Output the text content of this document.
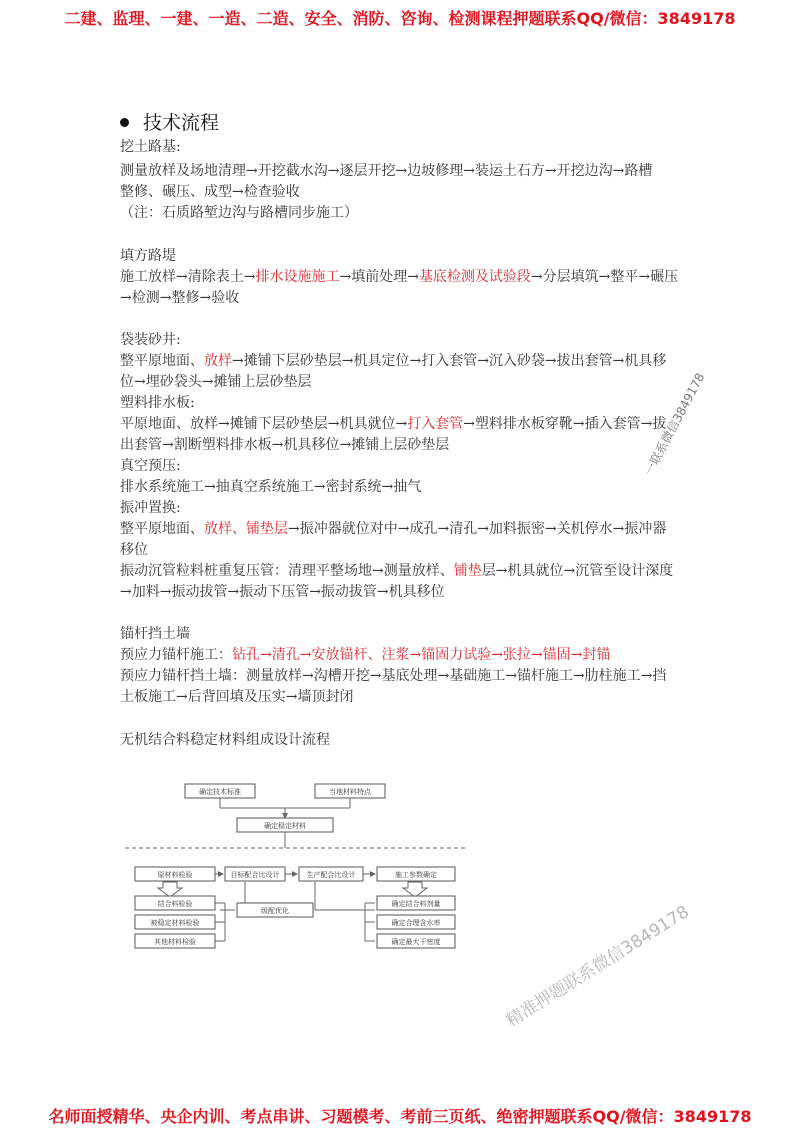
二建、监理、一建、一造、二造、安全、消防、咨询、检测课程押题联系QQ/微信：3849178
技术流程
挖土路基:
测量放样及场地清理→开挖截水沟→逐层开挖→边坡修理→装运土石方→开挖边沟→路槽
整修、碾压、成型→检查验收
（注：石质路堑边沟与路槽同步施工）
填方路堤
施工放样→清除表土→排水设施施工→填前处理→基底检测及试验段→分层填筑→整平→碾压
→检测→整修→验收
袋装砂井:
整平原地面、放样→摊铺下层砂垫层→机具定位→打入套管→沉入砂袋→拔出套管→机具移
位→埋砂袋头→摊铺上层砂垫层
塑料排水板:
平原地面、放样→摊铺下层砂垫层→机具就位→打入套管→塑料排水板穿靴→插入套管→拔
出套管→割断塑料排水板→机具移位→摊铺上层砂垫层
真空预压:
排水系统施工→抽真空系统施工→密封系统→抽气
振冲置换:
整平原地面、放样、铺垫层→振冲器就位对中→成孔→清孔→加料振密→关机停水→振冲器
移位
振动沉管粒料桩重复压管：清理平整场地→测量放样、铺垫层→机具就位→沉管至设计深度
→加料→振动拔管→振动下压管→振动拔管→机具移位
锚杆挡土墙
预应力锚杆施工：钻孔→清孔→安放锚杆、注浆→锚固力试验→张拉→锚固→封锚
预应力锚杆挡土墙：测量放样→沟槽开挖→基底处理→基础施工→锚杆施工→肋柱施工→挡
土板施工→后背回填及压实→墙顶封闭
无机结合料稳定材料组成设计流程
确定技术标准	当地材料特点
确定稳定材料
原材料检验	目标配合比设计	生产配合比设计	施工参数确定
结合料检验
被稳定材料检验
其他材料检验
级配优化
确定结合料剂量
确定合理含水率
确定最大干密度
一联系微信3849178
精准押题联系微信3849178
名师面授精华、央企内训、考点串讲、习题模考、考前三页纸、绝密押题联系QQ/微信：3849178
